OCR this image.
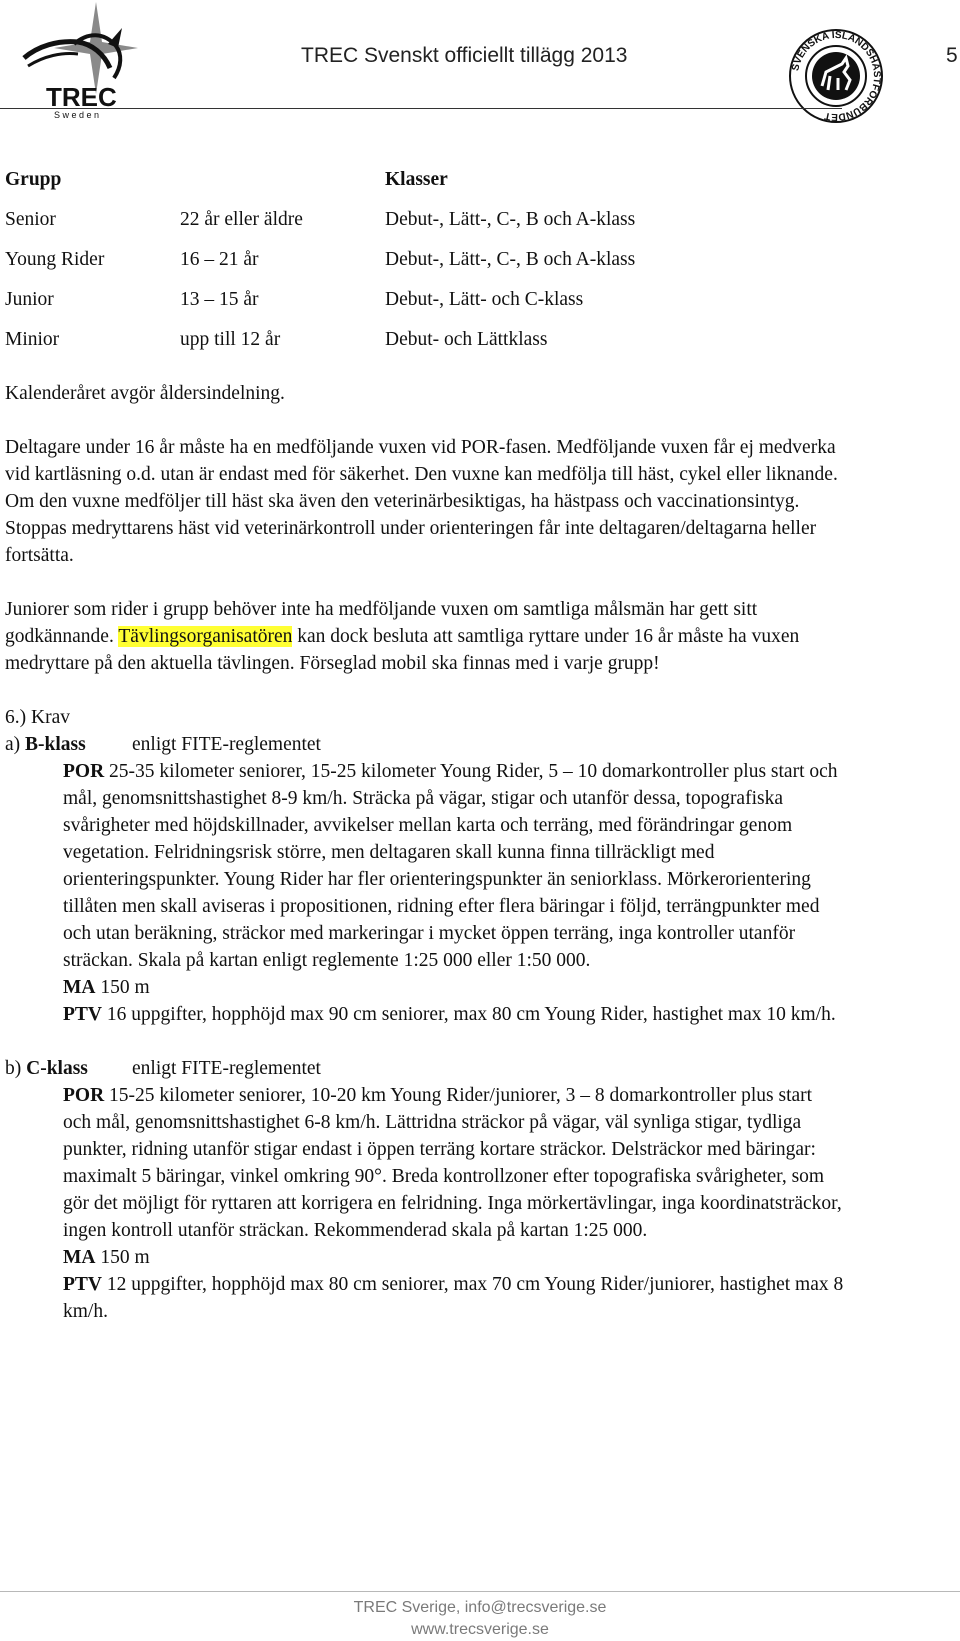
TREC
S w e d e n
TREC Svenskt officiellt tillägg 2013	5
SVENSKA ISLANDSHÄSTFÖRBUNDET
Grupp	Klasser
Senior	22 år eller äldre	Debut-, Lätt-, C-, B och A-klass
Young Rider	16 – 21 år	Debut-, Lätt-, C-, B och A-klass
Junior	13 – 15 år	Debut-, Lätt- och C-klass
Minior	upp till 12 år	Debut- och Lättklass

Kalenderåret avgör åldersindelning.

Deltagare under 16 år måste ha en medföljande vuxen vid POR-fasen. Medföljande vuxen får ej medverka vid kartläsning o.d. utan är endast med för säkerhet. Den vuxne kan medfölja till häst, cykel eller liknande. Om den vuxne medföljer till häst ska även den veterinärbesiktigas, ha hästpass och vaccinationsintyg. Stoppas medryttarens häst vid veterinärkontroll under orienteringen får inte deltagaren/deltagarna heller fortsätta.

Juniorer som rider i grupp behöver inte ha medföljande vuxen om samtliga målsmän har gett sitt godkännande. Tävlingsorganisatören kan dock besluta att samtliga ryttare under 16 år måste ha vuxen medryttare på den aktuella tävlingen. Förseglad mobil ska finnas med i varje grupp!

6.) Krav

a) B-klass enligt FITE-reglementet

POR 25-35 kilometer seniorer, 15-25 kilometer Young Rider, 5 – 10 domarkontroller plus start och mål, genomsnittshastighet 8-9 km/h. Sträcka på vägar, stigar och utanför dessa, topografiska svårigheter med höjdskillnader, avvikelser mellan karta och terräng, med förändringar genom vegetation. Felridningsrisk större, men deltagaren skall kunna finna tillräckligt med orienteringspunkter. Young Rider har fler orienteringspunkter än seniorklass. Mörkerorientering tillåten men skall aviseras i propositionen, ridning efter flera bäringar i följd, terrängpunkter med och utan beräkning, sträckor med markeringar i mycket öppen terräng, inga kontroller utanför sträckan. Skala på kartan enligt reglemente 1:25 000 eller 1:50 000.

MA 150 m

PTV 16 uppgifter, hopphöjd max 90 cm seniorer, max 80 cm Young Rider, hastighet max 10 km/h.

b) C-klass enligt FITE-reglementet

POR 15-25 kilometer seniorer, 10-20 km Young Rider/juniorer, 3 – 8 domarkontroller plus start och mål, genomsnittshastighet 6-8 km/h. Lättridna sträckor på vägar, väl synliga stigar, tydliga punkter, ridning utanför stigar endast i öppen terräng kortare sträckor. Delsträckor med bäringar: maximalt 5 bäringar, vinkel omkring 90°. Breda kontrollzoner efter topografiska svårigheter, som gör det möjligt för ryttaren att korrigera en felridning. Inga mörkertävlingar, inga koordinatsträckor, ingen kontroll utanför sträckan. Rekommenderad skala på kartan 1:25 000.

MA 150 m

PTV 12 uppgifter, hopphöjd max 80 cm seniorer, max 70 cm Young Rider/juniorer, hastighet max 8 km/h.

TREC Sverige, info@trecsverige.se
www.trecsverige.se
